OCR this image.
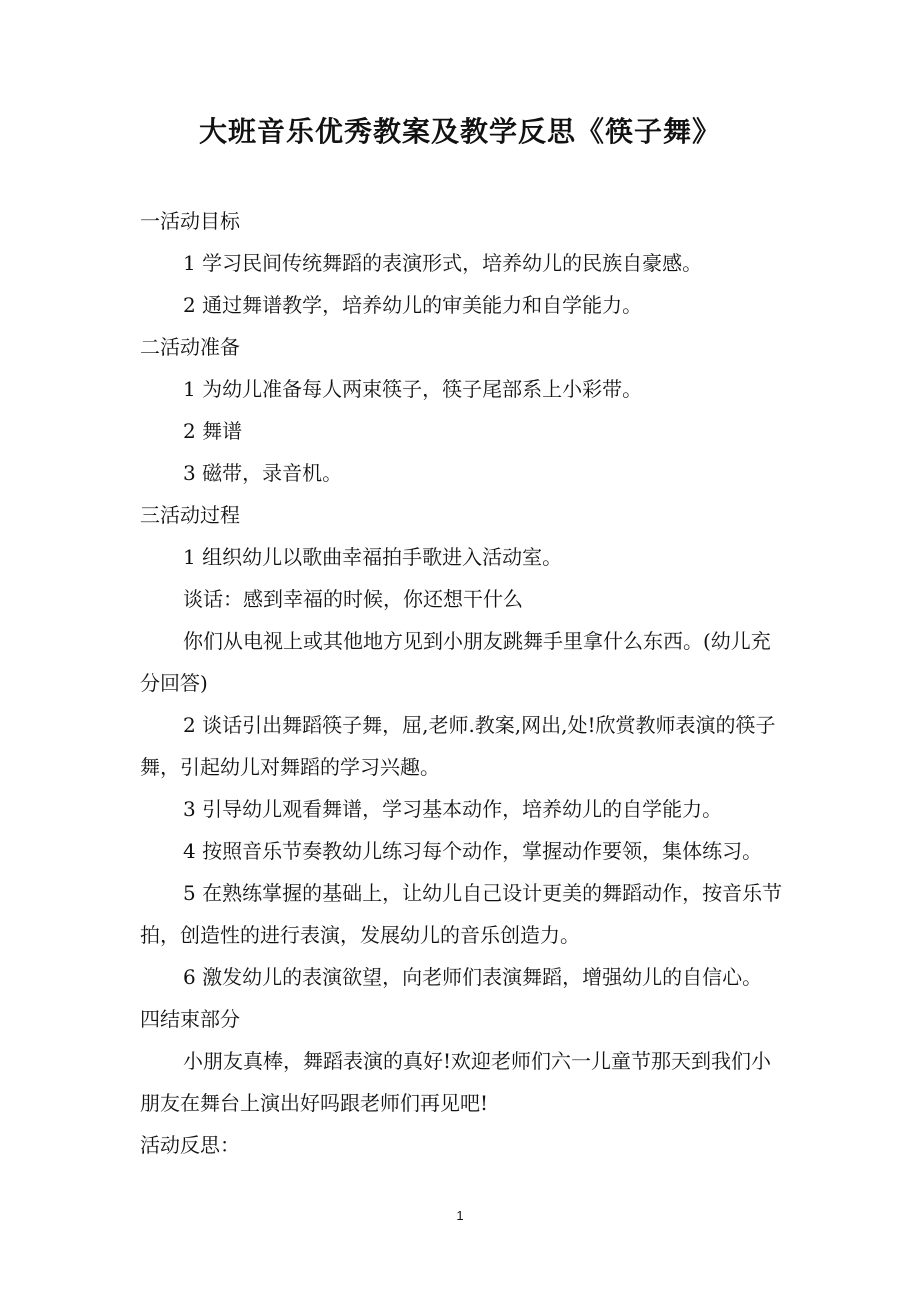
大班音乐优秀教案及教学反思《筷子舞》

一活动目标

1 学习民间传统舞蹈的表演形式，培养幼儿的民族自豪感。

2 通过舞谱教学，培养幼儿的审美能力和自学能力。

二活动准备

1 为幼儿准备每人两束筷子，筷子尾部系上小彩带。

2 舞谱

3 磁带，录音机。

三活动过程

1 组织幼儿以歌曲幸福拍手歌进入活动室。

谈话：感到幸福的时候，你还想干什么

你们从电视上或其他地方见到小朋友跳舞手里拿什么东西。(幼儿充分回答)

2 谈话引出舞蹈筷子舞，屈,老师.教案,网出,处!欣赏教师表演的筷子舞，引起幼儿对舞蹈的学习兴趣。

3 引导幼儿观看舞谱，学习基本动作，培养幼儿的自学能力。

4 按照音乐节奏教幼儿练习每个动作，掌握动作要领，集体练习。

5 在熟练掌握的基础上，让幼儿自己设计更美的舞蹈动作，按音乐节拍，创造性的进行表演，发展幼儿的音乐创造力。

6 激发幼儿的表演欲望，向老师们表演舞蹈，增强幼儿的自信心。

四结束部分

小朋友真棒，舞蹈表演的真好!欢迎老师们六一儿童节那天到我们小朋友在舞台上演出好吗跟老师们再见吧!

活动反思：

1
